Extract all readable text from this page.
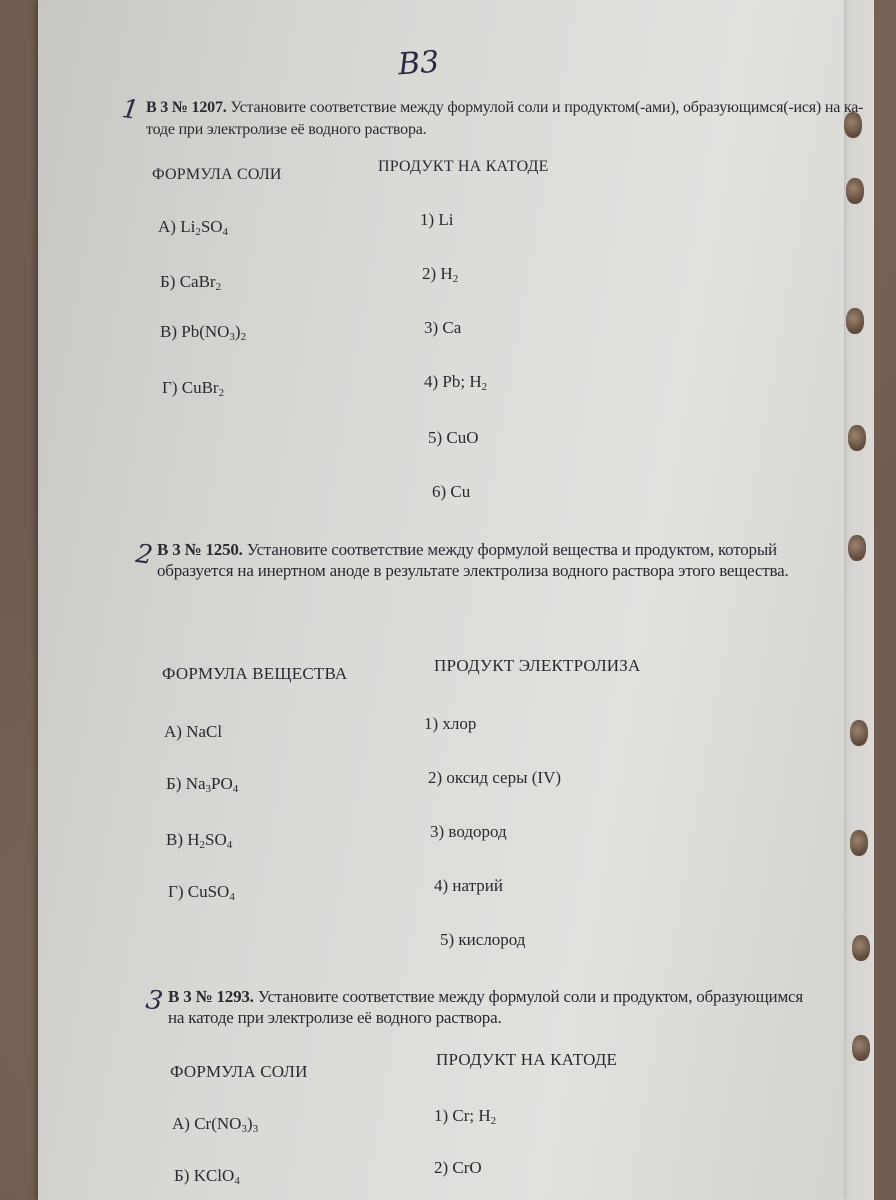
В3
1 В 3 № 1207. Установите соответствие между формулой соли и продуктом(-ами), образующимся(-ися) на ка-
тоде при электролизе её водного раствора.
ФОРМУЛА СОЛИ	ПРОДУКТ НА КАТОДЕ
А) $Li_2SO_4$
Б) CaBr$_2$
В) $Pb(NO_3)_2$
Г) CuBr$_2$
1) Li
2) $H_2$
3) Ca
4) Pb; $H_2$
5) CuO
6) Cu
2 В 3 № 1250. Установите соответствие между формулой вещества и продуктом, который
образуется на инертном аноде в результате электролиза водного раствора этого вещества.
ФОРМУЛА ВЕЩЕСТВА	ПРОДУКТ ЭЛЕКТРОЛИЗА
А) NaCl
Б) $Na_3PO_4$
В) $H_2SO_4$
Г) CuSO$_4$
1) хлор
2) оксид серы (IV)
3) водород
4) натрий
5) кислород
3 В 3 № 1293. Установите соответствие между формулой соли и продуктом, образующимся
на катоде при электролизе её водного раствора.
ФОРМУЛА СОЛИ
ПРОДУКТ НА КАТОДЕ
А) $Cr(NO_3)_3$
Б) KClO$_4$
1) Cr; $H_2$
2) CrO
